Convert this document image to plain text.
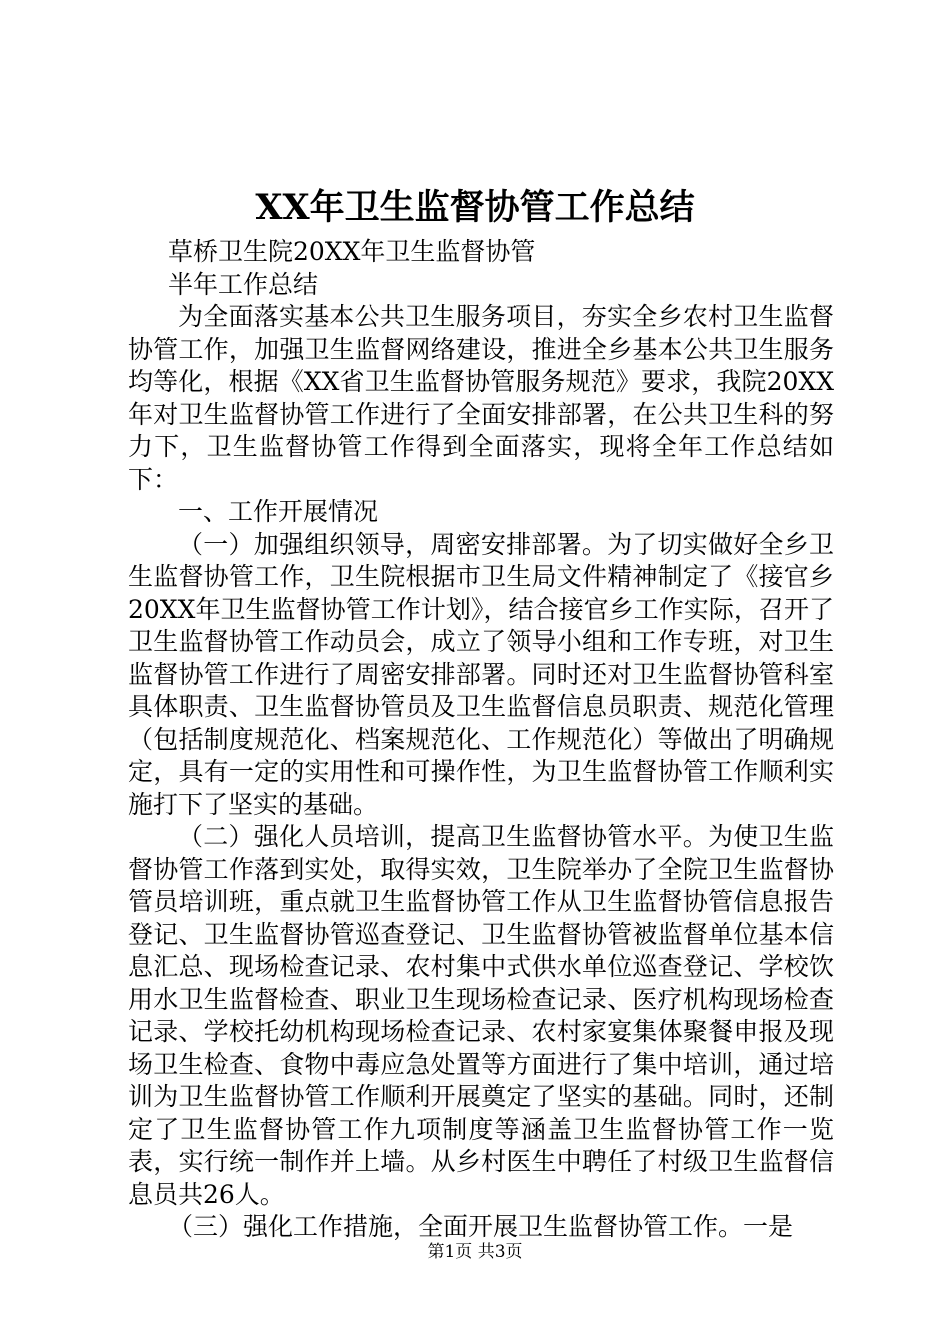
XX年卫生监督协管工作总结

草桥卫生院20XX年卫生监督协管

半年工作总结

为全面落实基本公共卫生服务项目，夯实全乡农村卫生监督协管工作，加强卫生监督网络建设，推进全乡基本公共卫生服务均等化，根据《XX省卫生监督协管服务规范》要求，我院20XX年对卫生监督协管工作进行了全面安排部署，在公共卫生科的努力下，卫生监督协管工作得到全面落实，现将全年工作总结如下：

一、工作开展情况

（一）加强组织领导，周密安排部署。为了切实做好全乡卫生监督协管工作，卫生院根据市卫生局文件精神制定了《接官乡20XX年卫生监督协管工作计划》，结合接官乡工作实际，召开了卫生监督协管工作动员会，成立了领导小组和工作专班，对卫生监督协管工作进行了周密安排部署。同时还对卫生监督协管科室具体职责、卫生监督协管员及卫生监督信息员职责、规范化管理（包括制度规范化、档案规范化、工作规范化）等做出了明确规定，具有一定的实用性和可操作性，为卫生监督协管工作顺利实施打下了坚实的基础。

（二）强化人员培训，提高卫生监督协管水平。为使卫生监督协管工作落到实处，取得实效，卫生院举办了全院卫生监督协管员培训班，重点就卫生监督协管工作从卫生监督协管信息报告登记、卫生监督协管巡查登记、卫生监督协管被监督单位基本信息汇总、现场检查记录、农村集中式供水单位巡查登记、学校饮用水卫生监督检查、职业卫生现场检查记录、医疗机构现场检查记录、学校托幼机构现场检查记录、农村家宴集体聚餐申报及现场卫生检查、食物中毒应急处置等方面进行了集中培训，通过培训为卫生监督协管工作顺利开展奠定了坚实的基础。同时，还制定了卫生监督协管工作九项制度等涵盖卫生监督协管工作一览表，实行统一制作并上墙。从乡村医生中聘任了村级卫生监督信息员共26人。

（三）强化工作措施，全面开展卫生监督协管工作。一是

第1页 共3页
